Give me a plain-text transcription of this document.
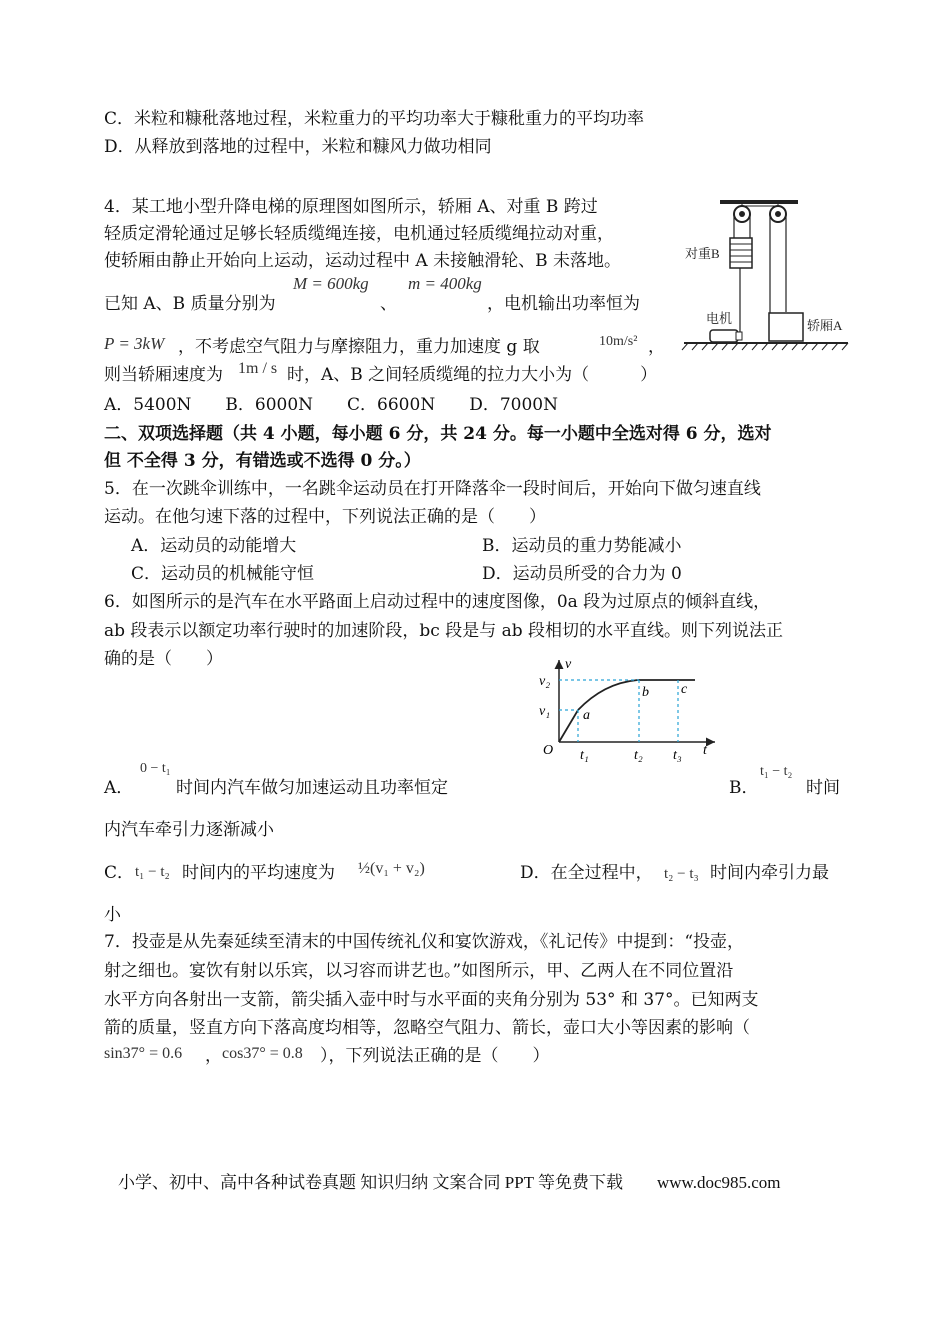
C．米粒和糠秕落地过程，米粒重力的平均功率大于糠秕重力的平均功率
D．从释放到落地的过程中，米粒和糠风力做功相同
4．某工地小型升降电梯的原理图如图所示，轿厢 A、对重 B 跨过
轻质定滑轮通过足够长轻质缆绳连接，电机通过轻质缆绳拉动对重，
使轿厢由静止开始向上运动，运动过程中 A 未接触滑轮、B 未落地。
已知 A、B 质量分别为
M = 600kg
、
m = 400kg
，电机输出功率恒为
P = 3kW ，不考虑空气阻力与摩擦阻力，重力加速度 g 取	10m/s² ，
则当轿厢速度为 1m / s 时，A、B 之间轻质缆绳的拉力大小为（　　　）
A．5400N　　B．6000N　　C．6600N　　D．7000N
对重B
轿厢A
电机
二、双项选择题（共 4 小题，每小题 6 分，共 24 分。每一小题中全选对得 6 分，选对
但 不全得 3 分，有错选或不选得 0 分。）
5．在一次跳伞训练中，一名跳伞运动员在打开降落伞一段时间后，开始向下做匀速直线
运动。在他匀速下落的过程中，下列说法正确的是（　　）
A．运动员的动能增大	B．运动员的重力势能减小
C．运动员的机械能守恒	D．运动员所受的合力为 0
6．如图所示的是汽车在水平路面上启动过程中的速度图像，0a 段为过原点的倾斜直线，
ab 段表示以额定功率行驶时的加速阶段，bc 段是与 ab 段相切的水平直线。则下列说法正
确的是（　　）	v
v₂
v₁
O t₁	t₂ t₃ t
a
b c
A．
0 − t₁
时间内汽车做匀加速运动且功率恒定	B．
t₁ − t₂
时间
内汽车牵引力逐渐减小
C． t₁ − t₂ 时间内的平均速度为 ½(v₁ + v₂)	D．在全过程中， t₂ − t₃ 时间内牵引力最
小
7．投壶是从先秦延续至清末的中国传统礼仪和宴饮游戏，《礼记传》中提到：“投壶，
射之细也。宴饮有射以乐宾，以习容而讲艺也。”如图所示，甲、乙两人在不同位置沿
水平方向各射出一支箭，箭尖插入壶中时与水平面的夹角分别为 53° 和 37°。已知两支
箭的质量，竖直方向下落高度均相等，忽略空气阻力、箭长，壶口大小等因素的影响（
sin37° = 0.6 ， cos37° = 0.8 ），下列说法正确的是（　　）
小学、初中、高中各种试卷真题 知识归纳 文案合同 PPT 等免费下载　　www.doc985.com
